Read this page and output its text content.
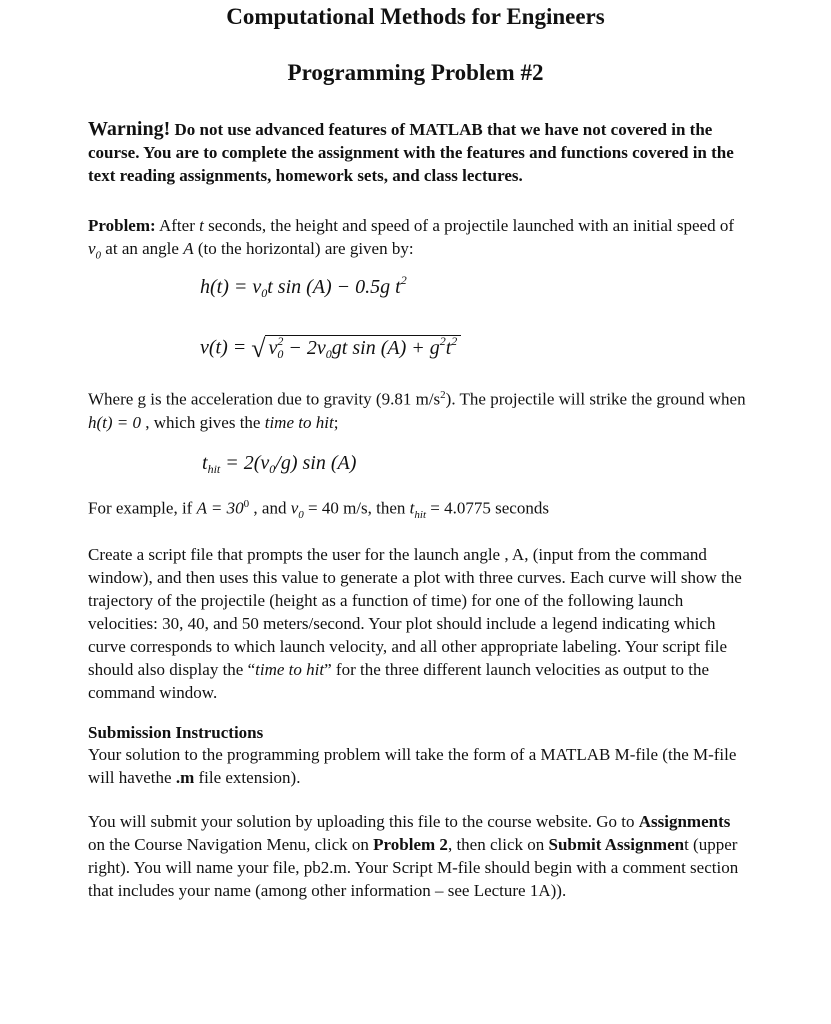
Computational Methods for Engineers
Programming Problem #2
Warning! Do not use advanced features of MATLAB that we have not covered in the course. You are to complete the assignment with the features and functions covered in the text reading assignments, homework sets, and class lectures.
Problem: After t seconds, the height and speed of a projectile launched with an initial speed of $v_0$ at an angle A (to the horizontal) are given by:
$h(t) = v_0t$ sin (A) − 0.5g $t^2$
v(t) = √ $v^2_0 - 2v_0gt$ $\sin (A) + g^2t^2$
Where g is the acceleration due to gravity (9.81 $m/s^2$). The projectile will strike the ground when h(t) = 0 , which gives the time to hit;
$t_{hit} = 2(v_0/g)$ sin (A)
For example, if $A = 30^0$ , and $v_0 = 40$ m/s, then $t_{hit} = 4.0775$ seconds
Create a script file that prompts the user for the launch angle , A, (input from the command window), and then uses this value to generate a plot with three curves. Each curve will show the trajectory of the projectile (height as a function of time) for one of the following launch velocities: 30, 40, and 50 meters/second. Your plot should include a legend indicating which curve corresponds to which launch velocity, and all other appropriate labeling. Your script file should also display the “time to hit” for the three different launch velocities as output to the command window.
Submission Instructions
Your solution to the programming problem will take the form of a MATLAB M-file (the M-file will havethe .m file extension).
You will submit your solution by uploading this file to the course website. Go to Assignments on the Course Navigation Menu, click on Problem 2, then click on Submit Assignment (upper right). You will name your file, pb2.m. Your Script M-file should begin with a comment section that includes your name (among other information – see Lecture 1A)).
